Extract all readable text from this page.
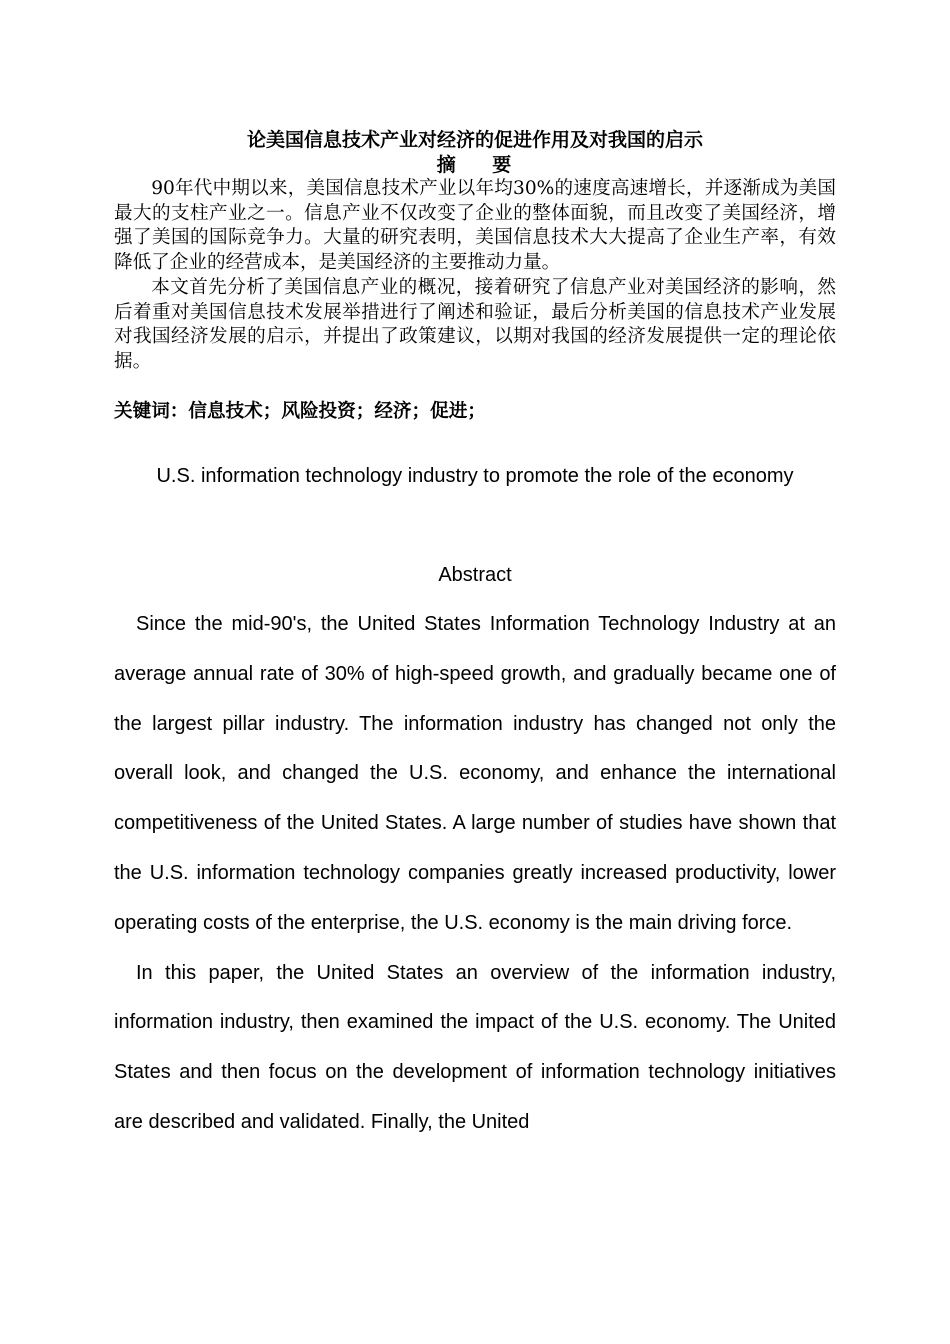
论美国信息技术产业对经济的促进作用及对我国的启示
摘    要

90年代中期以来，美国信息技术产业以年均30%的速度高速增长，并逐渐成为美国最大的支柱产业之一。信息产业不仅改变了企业的整体面貌，而且改变了美国经济，增强了美国的国际竞争力。大量的研究表明，美国信息技术大大提高了企业生产率，有效降低了企业的经营成本，是美国经济的主要推动力量。

本文首先分析了美国信息产业的概况，接着研究了信息产业对美国经济的影响，然后着重对美国信息技术发展举措进行了阐述和验证，最后分析美国的信息技术产业发展对我国经济发展的启示，并提出了政策建议，以期对我国的经济发展提供一定的理论依据。

关键词：信息技术；风险投资；经济；促进；
U.S. information technology industry to promote the role of the economy
Abstract

Since the mid-90's, the United States Information Technology Industry at an average annual rate of 30% of high-speed growth, and gradually became one of the largest pillar industry. The information industry has changed not only the overall look, and changed the U.S. economy, and enhance the international competitiveness of the United States. A large number of studies have shown that the U.S. information technology companies greatly increased productivity, lower operating costs of the enterprise, the U.S. economy is the main driving force.

In this paper, the United States an overview of the information industry, information industry, then examined the impact of the U.S. economy. The United States and then focus on the development of information technology initiatives are described and validated. Finally, the United
